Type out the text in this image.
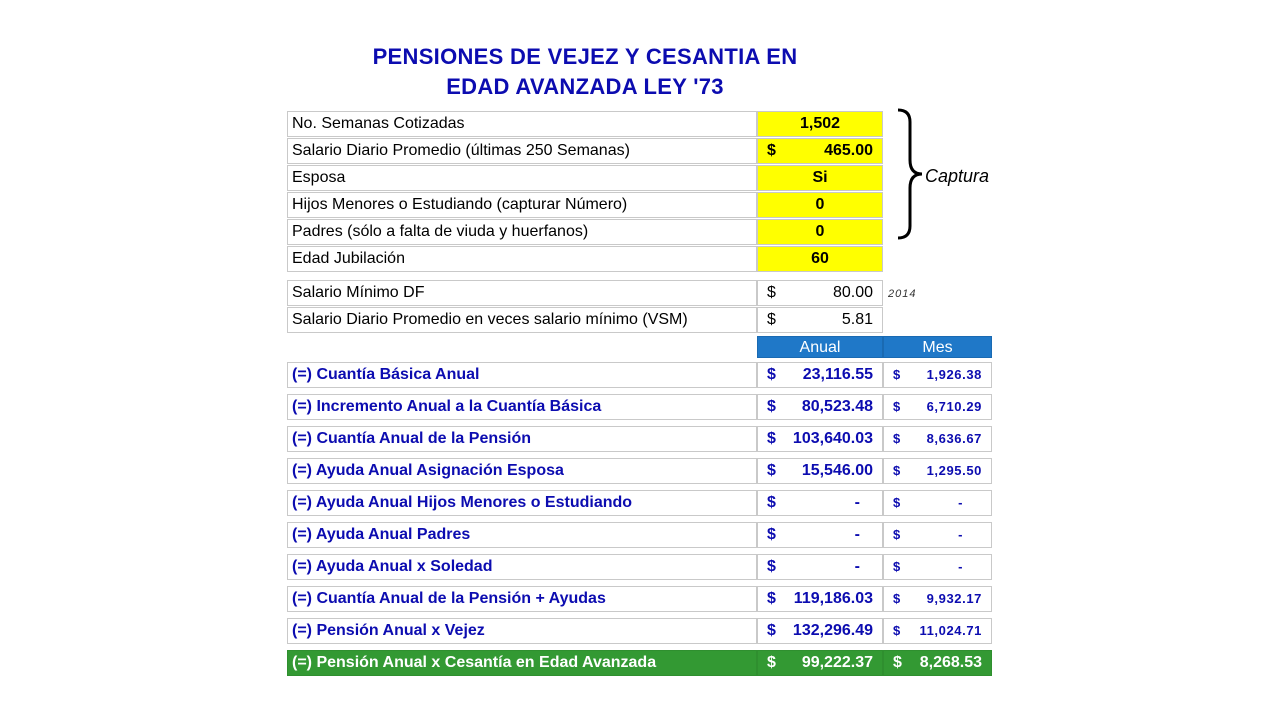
PENSIONES DE VEJEZ Y CESANTIA EN
EDAD AVANZADA LEY '73
No. Semanas Cotizadas	1,502
Salario Diario Promedio (últimas 250 Semanas)	$	465.00
Esposa	Si
Hijos Menores o Estudiando (capturar Número)	0
Padres (sólo a falta de viuda y huerfanos)	0
Edad Jubilación	60
Captura
Salario Mínimo DF	$	80.00
Salario Diario Promedio en veces salario mínimo (VSM)	$	5.81
2014
Anual	Mes
(=) Cuantía Básica Anual	$ 23,116.55 $ 1,926.38
(=) Incremento Anual a la Cuantía Básica	$ 80,523.48 $ 6,710.29
(=) Cuantía Anual de la Pensión	$ 103,640.03 $ 8,636.67
(=) Ayuda Anual Asignación Esposa	$ 15,546.00 $ 1,295.50
(=) Ayuda Anual Hijos Menores o Estudiando	$	-	$	-
(=) Ayuda Anual Padres	$	-	$	-
(=) Ayuda Anual x Soledad	$	-	$	-
(=) Cuantía Anual de la Pensión + Ayudas	$ 119,186.03 $ 9,932.17
(=) Pensión Anual x Vejez	$ 132,296.49 $ 11,024.71
(=) Pensión Anual x Cesantía en Edad Avanzada	$ 99,222.37 $ 8,268.53
